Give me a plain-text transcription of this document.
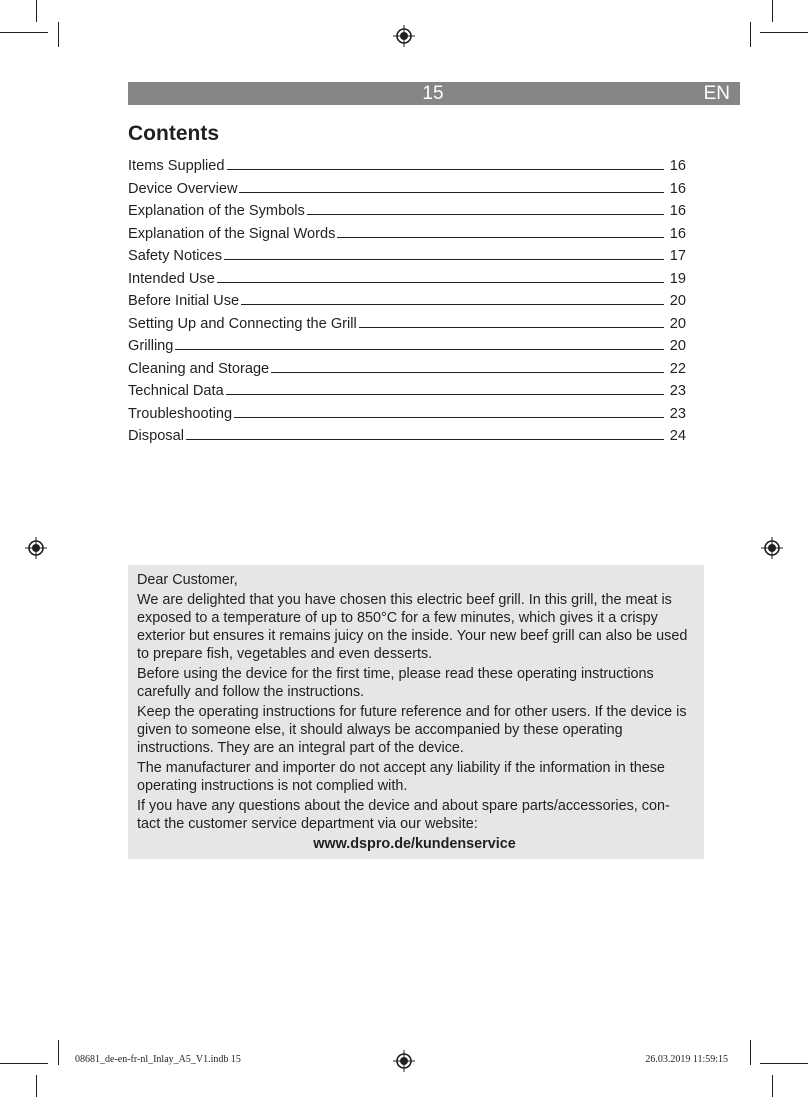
15	EN
Contents
Items Supplied	16
Device Overview	16
Explanation of the Symbols	16
Explanation of the Signal Words	16
Safety Notices	17
Intended Use	19
Before Initial Use	20
Setting Up and Connecting the Grill	20
Grilling	20
Cleaning and Storage	22
Technical Data	23
Troubleshooting	23
Disposal	24

Dear Customer,

We are delighted that you have chosen this electric beef grill. In this grill, the meat is exposed to a temperature of up to 850°C for a few minutes, which gives it a crispy exterior but ensures it remains juicy on the inside. Your new beef grill can also be used to prepare fish, vegetables and even desserts.

Before using the device for the first time, please read these operating instructions carefully and follow the instructions.

Keep the operating instructions for future reference and for other users. If the device is given to someone else, it should always be accompanied by these operating instructions. They are an integral part of the device.

The manufacturer and importer do not accept any liability if the information in these operating instructions is not complied with.

If you have any questions about the device and about spare parts/accessories, con-tact the customer service department via our website:

www.dspro.de/kundenservice

08681_de-en-fr-nl_Inlay_A5_V1.indb 15	26.03.2019 11:59:15
